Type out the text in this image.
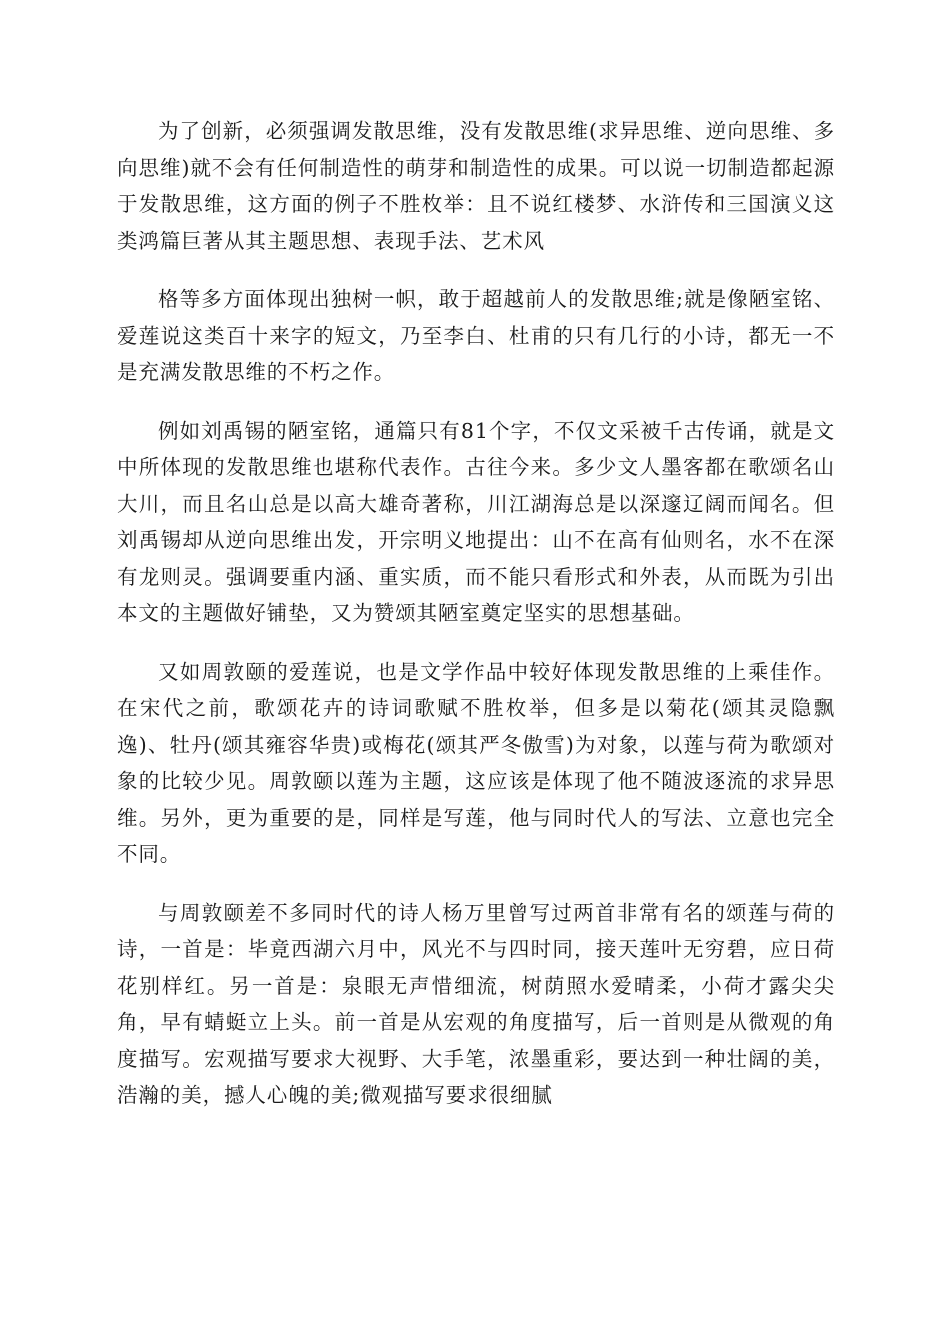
为了创新，必须强调发散思维，没有发散思维(求异思维、逆向思维、多向思维)就不会有任何制造性的萌芽和制造性的成果。可以说一切制造都起源于发散思维，这方面的例子不胜枚举：且不说红楼梦、水浒传和三国演义这类鸿篇巨著从其主题思想、表现手法、艺术风

格等多方面体现出独树一帜，敢于超越前人的发散思维;就是像陋室铭、爱莲说这类百十来字的短文，乃至李白、杜甫的只有几行的小诗，都无一不是充满发散思维的不朽之作。

例如刘禹锡的陋室铭，通篇只有81个字，不仅文采被千古传诵，就是文中所体现的发散思维也堪称代表作。古往今来。多少文人墨客都在歌颂名山大川，而且名山总是以高大雄奇著称，川江湖海总是以深邃辽阔而闻名。但刘禹锡却从逆向思维出发，开宗明义地提出：山不在高有仙则名，水不在深有龙则灵。强调要重内涵、重实质，而不能只看形式和外表，从而既为引出本文的主题做好铺垫，又为赞颂其陋室奠定坚实的思想基础。

又如周敦颐的爱莲说，也是文学作品中较好体现发散思维的上乘佳作。在宋代之前，歌颂花卉的诗词歌赋不胜枚举，但多是以菊花(颂其灵隐飘逸)、牡丹(颂其雍容华贵)或梅花(颂其严冬傲雪)为对象，以莲与荷为歌颂对象的比较少见。周敦颐以莲为主题，这应该是体现了他不随波逐流的求异思维。另外，更为重要的是，同样是写莲，他与同时代人的写法、立意也完全不同。

与周敦颐差不多同时代的诗人杨万里曾写过两首非常有名的颂莲与荷的诗，一首是：毕竟西湖六月中，风光不与四时同，接天莲叶无穷碧，应日荷花别样红。另一首是：泉眼无声惜细流，树荫照水爱晴柔，小荷才露尖尖角，早有蜻蜓立上头。前一首是从宏观的角度描写，后一首则是从微观的角度描写。宏观描写要求大视野、大手笔，浓墨重彩，要达到一种壮阔的美，浩瀚的美，撼人心魄的美;微观描写要求很细腻
